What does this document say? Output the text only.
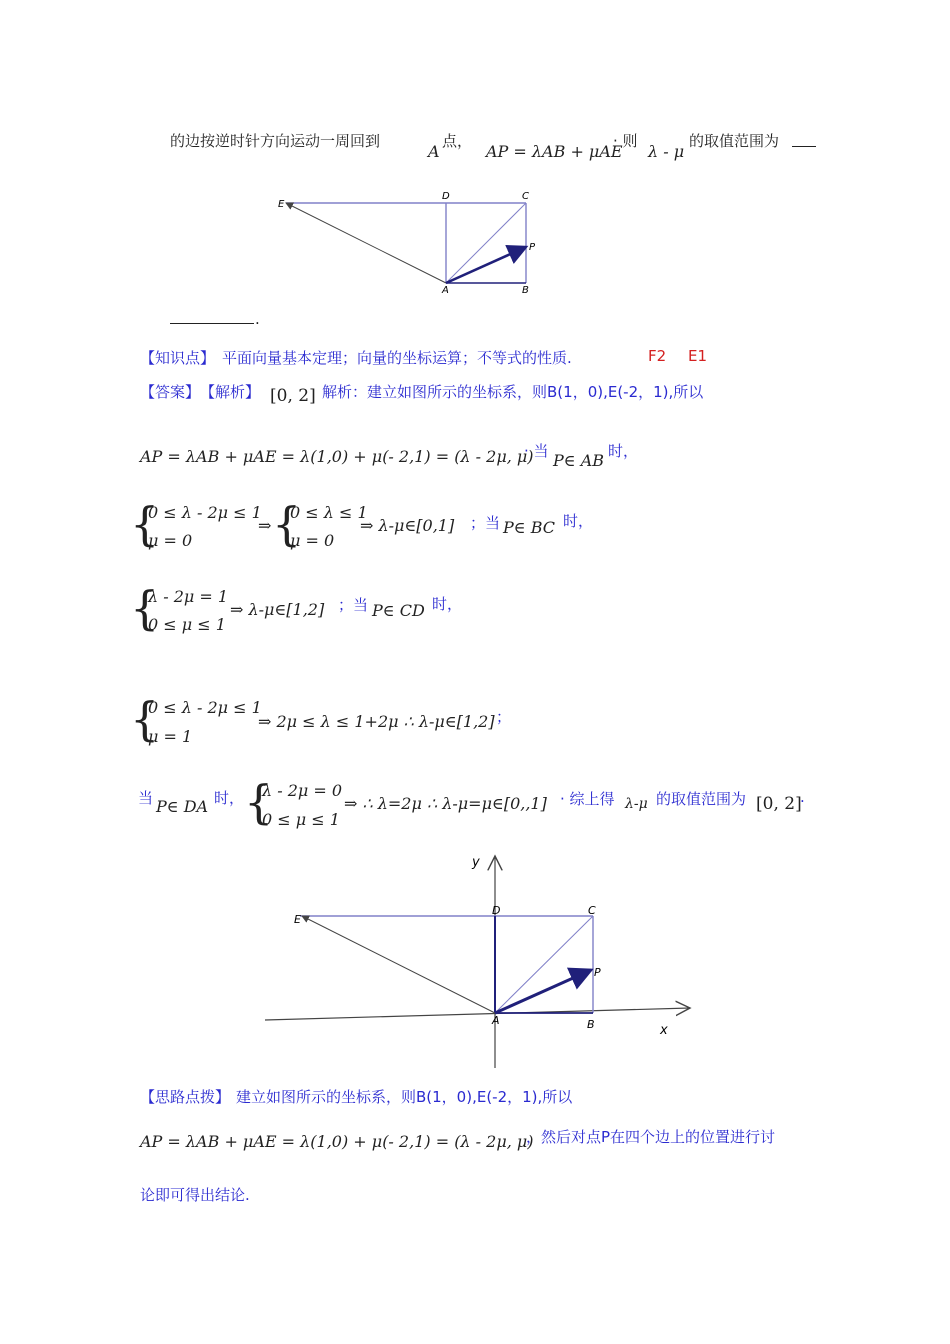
的边按逆时针方向运动一周回到
A
点，
AP = λAB + μAE
· 则
λ - μ
的取值范围为
E
D	C
P
A	B
.
【知识点】 平面向量基本定理；向量的坐标运算；不等式的性质.	F2 E1
【答案】 【解析】 [0, 2] 解析：建立如图所示的坐标系，则B(1，0),E(-2，1),所以
AP = λAB + μAE = λ(1,0) + μ(- 2,1) = (λ - 2μ, μ)
· 当 P∈ AB 时，
{
0 ≤ λ - 2μ ≤ 1
μ = 0
⇒ {
0 ≤ λ ≤ 1
μ = 0
⇒ λ-μ∈[0,1] ；当 P∈ BC 时，
{
λ - 2μ = 1
0 ≤ μ ≤ 1
⇒ λ-μ∈[1,2] ；当 P∈ CD 时，
{
0 ≤ λ - 2μ ≤ 1
μ = 1
⇒ 2μ ≤ λ ≤ 1+2μ ∴ λ-μ∈[1,2] ；
当 P∈ DA 时， {
λ - 2μ = 0
0 ≤ μ ≤ 1
⇒ ∴ λ=2μ ∴ λ-μ=μ∈[0,,1] · 综上得 λ-μ 的取值范围为 [0, 2]
.
y
x
E
D	C
P
A	B
【思路点拨】 建立如图所示的坐标系，则B(1，0),E(-2，1),所以
AP = λAB + μAE = λ(1,0) + μ(- 2,1) = (λ - 2μ, μ)
，然后对点P在四个边上的位置进行讨
论即可得出结论.
